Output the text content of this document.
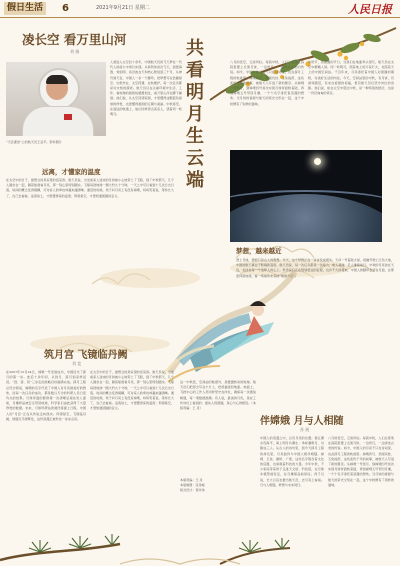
假日生活	6	2021年9月21日 星期二	人民日报
凌长空 看万里山河
刘 扬
人类进入太空四十余年，中国航天员的飞天梦在一代代人的接力中得以实现。从杨利伟首次飞天，到聂海胜、刘伯明、汤洪波在天和核心舱驻留三个月，从神舟到天宫，中国人一步一个脚印，把梦想写在浩瀚星空。出舱作业、太空授课、在轨维护，每一次任务都是对未知的探索。航天员们在失重环境中生活、工作，看地球的晨昏线缓缓划过，看万里山河在脚下铺展。他们说，从太空回望家园，才更懂得这颗蓝色星球的珍贵，也更懂得祖国的辽阔与美丽。中秋将至，在遥远的轨道上，他们同样思念着亲人，望着同一轮明月。
“天宫课堂”上的航天员王亚平。资料图片
远离，才懂家的温度
在太空中的日子，最想念的是家里的饭菜香。航天员说，出发前家人送来的月饼被小心地带上了飞船，到了中秋那天，几个人围坐在一起，隔着舷窗看月亮，那一刻心里特别踏实。飞船每绕地球一圈大约九十分钟，一天之中可以看到十几次日出日落，时间的概念变得模糊，可对家人的牵挂却越来越清晰。通话的时候，孩子问月亮上有没有嫦娥，妈妈笑着说，等你长大了，自己去看看。远离故土，才更懂得家的温度；仰望星空，才更知道团圆的意义。
共看明月生云端
八月的夜空，云淡风轻。每到中秋，人们总喜欢在庭院里摆上瓜果月饼，一边赏月，一边讲述古老的传说。如今，中国人的月亮不只在诗词里，也在探月工程的轨迹里。嫦娥奔月、吴刚伐桂、玉兔捣药，这些流传千年的故事，被航天人写进了新的篇章。从嫦娥一号绕月，到嫦娥四号首次实现月球背面软着陆，再到嫦娥五号带回月壤，一个个名字寄托着浪漫的想象。当月饼的香甜与航天的荣光交织在一起，这个中秋便有了别样的滋味。
中秋节，是团圆的节日。当我们在地面举头望月，航天员在太空中俯瞰人间。同一轮明月，照着地上的万家灯火，也照着天上的中国空间站。千百年来，月亮寄托着中国人对团圆的期盼，对美好生活的向往。今天，空间站里的中秋，有月饼，有视频通话，有来自祖国的祝福，更有航天员们坚守岗位的身影。他们说，能在太空中度过中秋，是一种特别的经历，也是一份沉甸甸的责任。
梦想，越来越近
登上月球，曾经只是古人的遐想。今天，这个梦想正在一步步变成现实。天问一号着陆火星，祝融号驶上红色大地，中国的航天事业不断刷新高度。航天员说，每一次任务都是一次接力，前人栽树，后人继续前行。中秋的月亮挂在天边，也挂在每一个追梦人的心上。科学家们正在规划更远的征程，也许不久的将来，中国人的脚印会留在月面，在那里仰望地球，看一场前所未有的“地球升起”。
筑月宫 飞镜临丹阙
刘 竞
在2007年10月24日，嫦娥一号发射成功，中国迈出了探月的第一步。此后十余年间，从绕月、落月到采样返回，“绕、落、回”三步走的战略目标圆满完成。探月工程总设计师说，嫦娥的名字代表了中国人对月亮最美好的想象，而每一次任务的成功，都是数以万计的科研人员日夜攻关的结果。月球背面的影像第一次清晰呈现在世人面前，月壤样品被安全带回地球，科学家们由此获得了大量珍贵的数据。未来，月球科研站的建设将提上日程，中国人的“月宫”正在从传说走向现实。仰望星空，飞镜临丹阙，绿烟灭尽清辉发，这份浪漫正被科技一步步点亮。
在太空中的日子，最想念的是家里的饭菜香。航天员说，出发前家人送来的月饼被小心地带上了飞船，到了中秋那天，几个人围坐在一起，隔着舷窗看月亮，那一刻心里特别踏实。飞船每绕地球一圈大约九十分钟，一天之中可以看到十几次日出日落，时间的概念变得模糊，可对家人的牵挂却越来越清晰。通话的时候，孩子问月亮上有没有嫦娥，妈妈笑着说，等你长大了，自己去看看。远离故土，才更懂得家的温度；仰望星空，才更知道团圆的意义。
这一中秋夜，空间站的舷窗外，是缓缓转动的地球。航天员们把思念写在卡片上，把祝福送回地面。地面上，飞控中心的工作人员同样坚守在岗位，确保每一次通信畅通，每一项数据准确。有人说，最美的月色，是在工作岗位上看到的；最动人的团圆，是心与心的相连。（本版责编：王 丹）
本版责编：王 丹
本版制图：张丹峰
版式设计：蔡华伟
伴嫦娥 月与人相随
苏 展
中国人的浪漫之中，总有月亮的位置。春江潮水连海平，海上明月共潮生；举杯邀明月，对影成三人。从古人的诗句里，到今天探月工程的命名里，月亮始终与中国人相伴相随。嫦娥、玉兔、鹊桥、广寒，这些名字饱含着文化的底蕴，也承载着科技的力量。今年中秋，不少家庭带着孩子走进天文馆、科技馆，在月球车模型前驻足，在月壤展品前惊叹。孩子们说，长大以后也要当航天员，去月亮上看看。月与人相随，梦想与未来同行。
八月的夜空，云淡风轻。每到中秋，人们总喜欢在庭院里摆上瓜果月饼，一边赏月，一边讲述古老的传说。如今，中国人的月亮不只在诗词里，也在探月工程的轨迹里。嫦娥奔月、吴刚伐桂、玉兔捣药，这些流传千年的故事，被航天人写进了新的篇章。从嫦娥一号绕月，到嫦娥四号首次实现月球背面软着陆，再到嫦娥五号带回月壤，一个个名字寄托着浪漫的想象。当月饼的香甜与航天的荣光交织在一起，这个中秋便有了别样的滋味。
